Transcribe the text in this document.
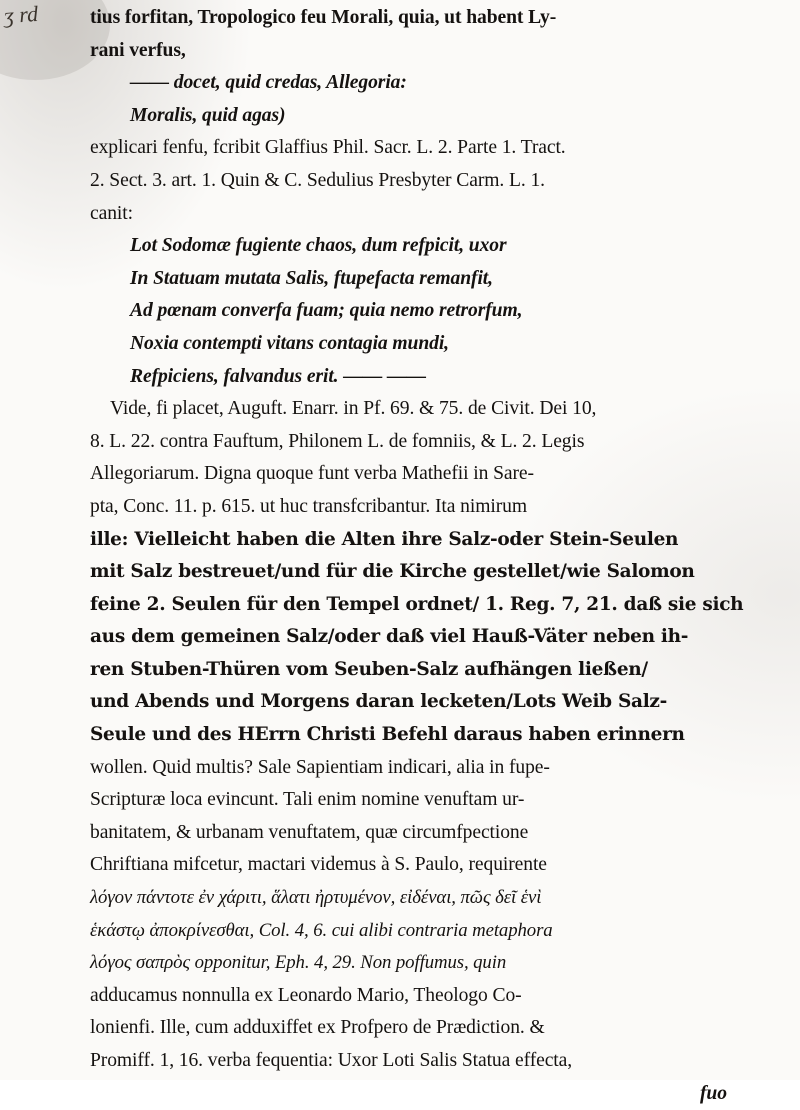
ʒ rd	tius forfitan, Tropologico feu Morali, quia, ut habent Ly-
rani verfus,
—— docet, quid credas, Allegoria:
Moralis, quid agas)
explicari fenfu, fcribit Glaffius Phil. Sacr. L. 2. Parte 1. Tract.
2. Sect. 3. art. 1. Quin & C. Sedulius Presbyter Carm. L. 1.
canit:
Lot Sodomæ fugiente chaos, dum refpicit, uxor
In Statuam mutata Salis, ftupefacta remanfit,
Ad pœnam converfa fuam; quia nemo retrorfum,
Noxia contempti vitans contagia mundi,
Refpiciens, falvandus erit. —— ——
Vide, fi placet, Auguft. Enarr. in Pf. 69. & 75. de Civit. Dei 10,
8. L. 22. contra Fauftum, Philonem L. de fomniis, & L. 2. Legis
Allegoriarum. Digna quoque funt verba Mathefii in Sare-
pta, Conc. 11. p. 615. ut huc transfcribantur. Ita nimirum
ille: Vielleicht haben die Alten ihre Salz-oder Stein-Seulen
mit Salz bestreuet/und für die Kirche gestellet/wie Salomon
feine 2. Seulen für den Tempel ordnet/ 1. Reg. 7, 21. daß sie sich
aus dem gemeinen Salz/oder daß viel Hauß-Väter neben ih-
ren Stuben-Thüren vom Seuben-Salz aufhängen ließen/
und Abends und Morgens daran lecketen/Lots Weib Salz-
Seule und des HErrn Christi Befehl daraus haben erinnern
wollen. Quid multis? Sale Sapientiam indicari, alia in fupe-
Scripturæ loca evincunt. Tali enim nomine venuftam ur-
banitatem, & urbanam venuftatem, quæ circumfpectione
Chriftiana mifcetur, mactari videmus à S. Paulo, requirente
λόγον πάντοτε ἐν χάριτι, ἅλατι ἠρτυμένον, εἰδέναι, πῶς δεῖ ἑνὶ
ἑκάστῳ ἀποκρίνεσθαι, Col. 4, 6. cui alibi contraria metaphora
λόγος σαπρὸς opponitur, Eph. 4, 29. Non poffumus, quin
adducamus nonnulla ex Leonardo Mario, Theologo Co-
lonienfi. Ille, cum adduxiffet ex Profpero de Prædiction. &
Promiff. 1, 16. verba fequentia: Uxor Loti Salis Statua effecta,
fuo
